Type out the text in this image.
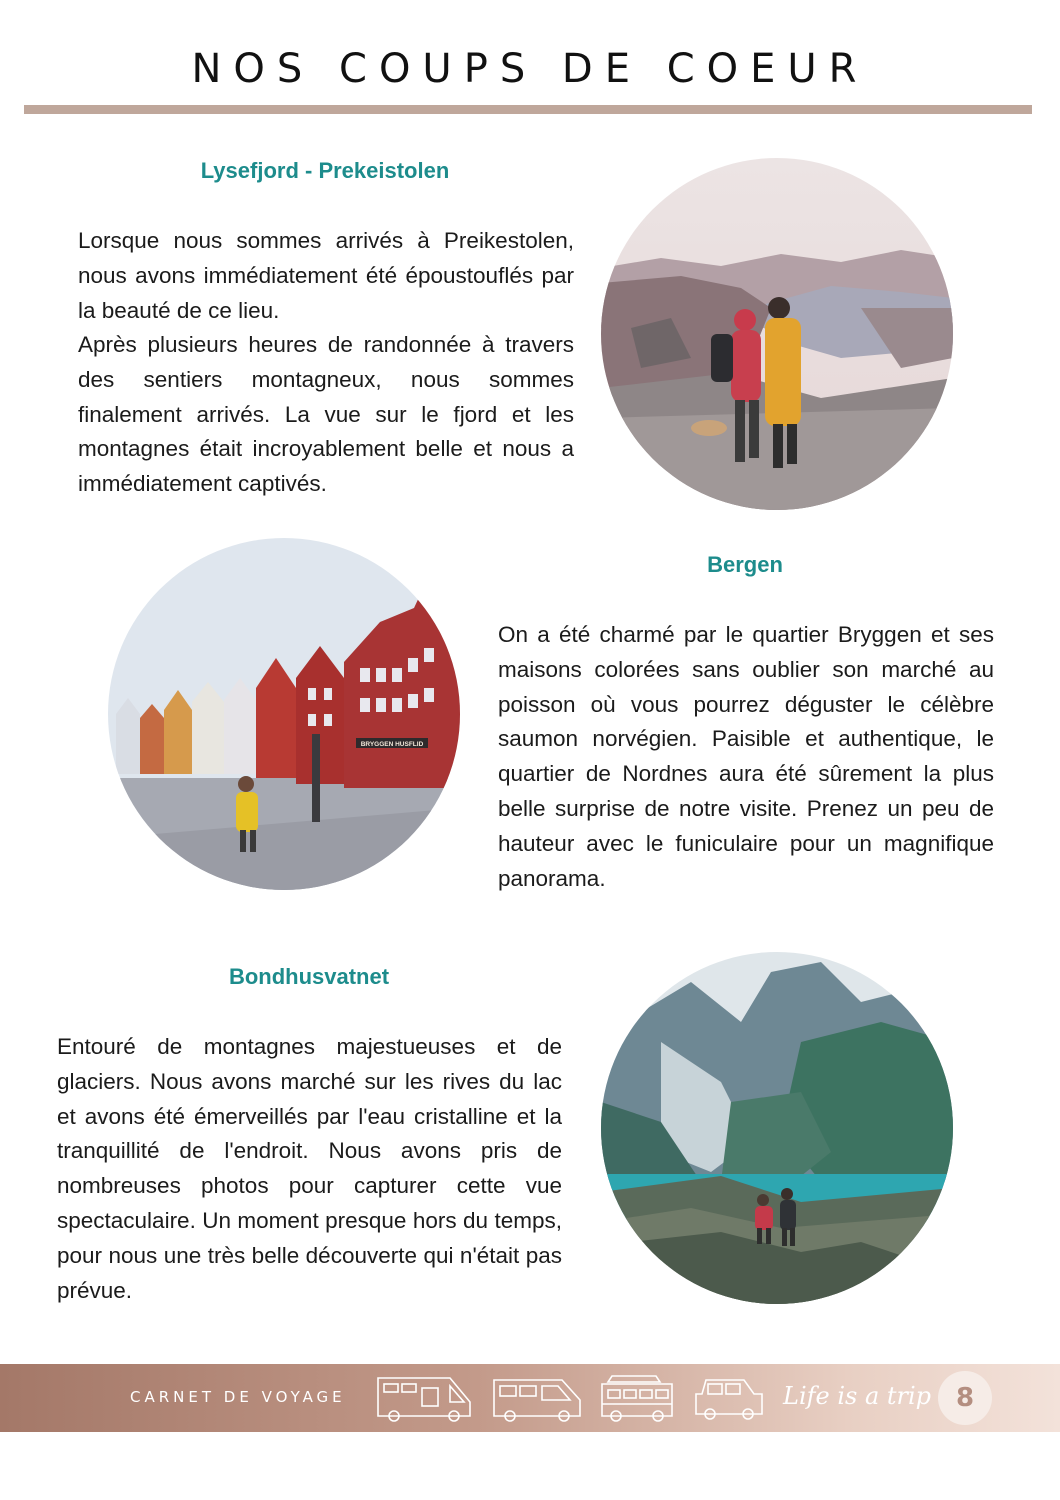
NOS COUPS DE COEUR
Lysefjord - Prekeistolen

Lorsque nous sommes arrivés à Preikestolen, nous avons immédiatement été époustouflés par la beauté de ce lieu.

Après plusieurs heures de randonnée à travers des sentiers montagneux, nous sommes finalement arrivés. La vue sur le fjord et les montagnes était incroyablement belle et nous a immédiatement captivés.

Bergen

On a été charmé par le quartier Bryggen et ses maisons colorées sans oublier son marché au poisson où vous pourrez déguster le célèbre saumon norvégien. Paisible et authentique, le quartier de Nordnes aura été sûrement la plus belle surprise de notre visite. Prenez un peu de hauteur avec le funiculaire pour un magnifique panorama.

BRYGGEN HUSFLID
Bondhusvatnet

Entouré de montagnes majestueuses et de glaciers. Nous avons marché sur les rives du lac et avons été émerveillés par l'eau cristalline et la tranquillité de l'endroit. Nous avons pris de nombreuses photos pour capturer cette vue spectaculaire. Un moment presque hors du temps, pour nous une très belle découverte qui n'était pas prévue.

CARNET DE VOYAGE	Life is a trip 8
